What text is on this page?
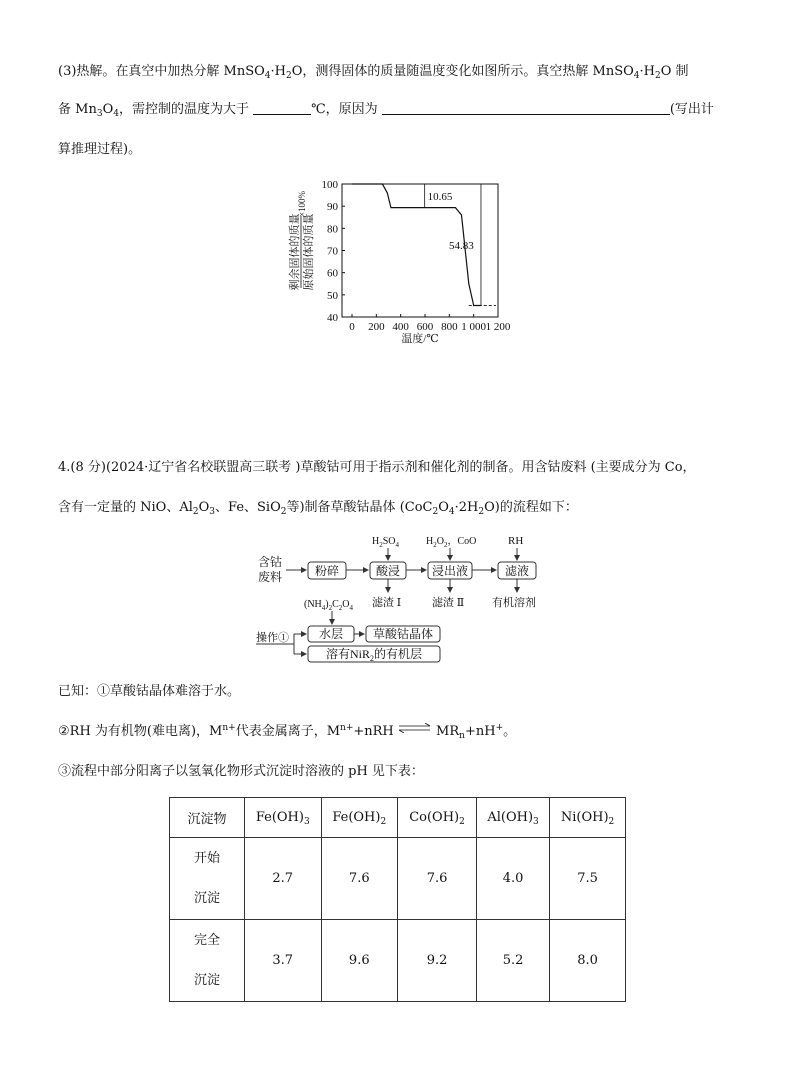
(3)热解。在真空中加热分解 $MnSO_4\cdot H_2O$，测得固体的质量随温度变化如图所示。真空热解 $MnSO_4\cdot H_2O$ 制
备 $Mn_3O_4$，需控制的温度为大于	℃，原因为	(写出计
算推理过程)。
100
90
80
70
60
50
40
0 200 400 600 800 1 000 1 200
10.65
54.83
剩余固体的质量 原始固体的质量
×100%
温度/℃
4.(8 分)(2024·辽宁省名校联盟高三联考 )草酸钴可用于指示剂和催化剂的制备。用含钴废料 (主要成分为 Co，
含有一定量的 NiO、$Al_2O_3$、Fe、SiO$_2$等)制备草酸钴晶体 $(CoC_2O_4\cdot 2H_2O)$的流程如下：
含钴
废料	粉碎	酸浸	浸出液	滤液
$H_2SO_4$	$H_2O_2$，CoO	RH
滤渣 Ⅰ	滤渣 Ⅱ	有机溶剂
$(NH_4)_2C_2O_4$
操作① 水层 草酸钴晶体
溶有NiR$_2$的有机层
已知：①草酸钴晶体难溶于水。
②RH 为有机物(难电离)，$M^{n+}$代表金属离子，$M^{n+}+nRH$ ⇌ $MR_n+nH^+$。
③流程中部分阳离子以氢氧化物形式沉淀时溶液的 pH 见下表：
沉淀物	$Fe(OH)_3$	$Fe(OH)_2$	$Co(OH)_2$	$Al(OH)_3$	$Ni(OH)_2$

开始
沉淀	2.7	7.6	7.6	4.0	7.5

完全
沉淀	3.7	9.6	9.2	5.2	8.0
